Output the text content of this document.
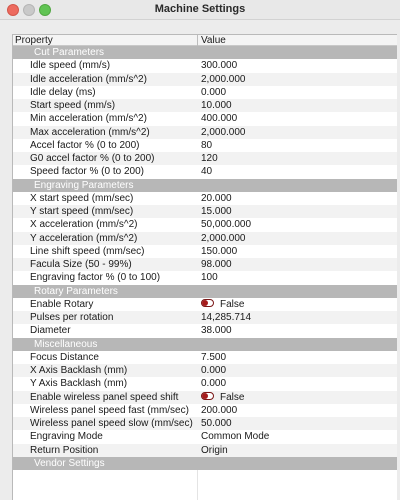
Machine Settings
Property	Value
Cut Parameters
Idle speed (mm/s)	300.000
Idle acceleration (mm/s^2)	2,000.000
Idle delay (ms)	0.000
Start speed (mm/s)	10.000
Min acceleration (mm/s^2)	400.000
Max acceleration (mm/s^2)	2,000.000
Accel factor % (0 to 200)	80
G0 accel factor % (0 to 200)	120
Speed factor % (0 to 200)	40
Engraving Parameters
X start speed (mm/sec)	20.000
Y start speed (mm/sec)	15.000
X acceleration (mm/s^2)	50,000.000
Y acceleration (mm/s^2)	2,000.000
Line shift speed (mm/sec)	150.000
Facula Size (50 - 99%)	98.000
Engraving factor % (0 to 100)	100
Rotary Parameters
Enable Rotary	False
Pulses per rotation	14,285.714
Diameter	38.000
Miscellaneous
Focus Distance	7.500
X Axis Backlash (mm)	0.000
Y Axis Backlash (mm)	0.000
Enable wireless panel speed shift	False
Wireless panel speed fast (mm/sec)	200.000
Wireless panel speed slow (mm/sec) 50.000
Engraving Mode	Common Mode
Return Position	Origin
Vendor Settings
